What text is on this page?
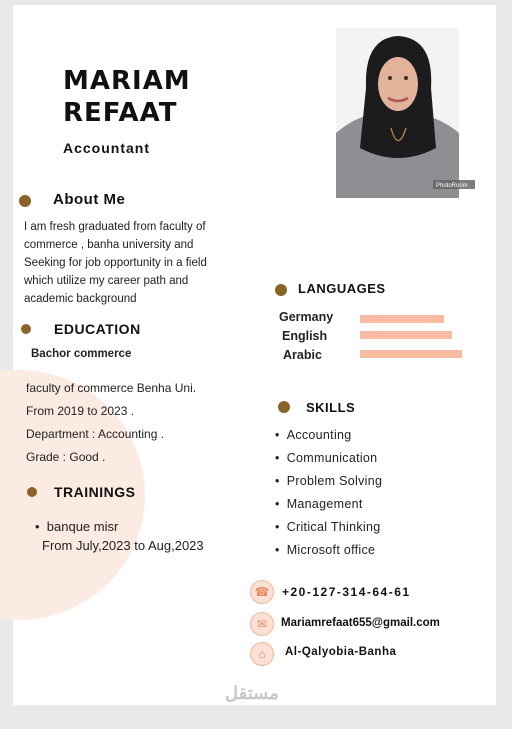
MARIAM
REFAAT
Accountant
PhotoRoom
About Me
I am fresh graduated from faculty of
commerce , banha university and
Seeking for job opportunity in a field
which utilize my career path and
academic background
EDUCATION
Bachor commerce
faculty of commerce Benha Uni.
From 2019 to 2023 .
Department : Accounting .
Grade : Good .
TRAININGS
•  banque misr
From July,2023 to Aug,2023
LANGUAGES
Germany
English
Arabic
SKILLS
• Accounting
• Communication
• Problem Solving
• Management
• Critical Thinking
• Microsoft office
☎	+20-127-314-64-61
✉	Mariamrefaat655@gmail.com
⌂	Al-Qalyobia-Banha
مستقل
